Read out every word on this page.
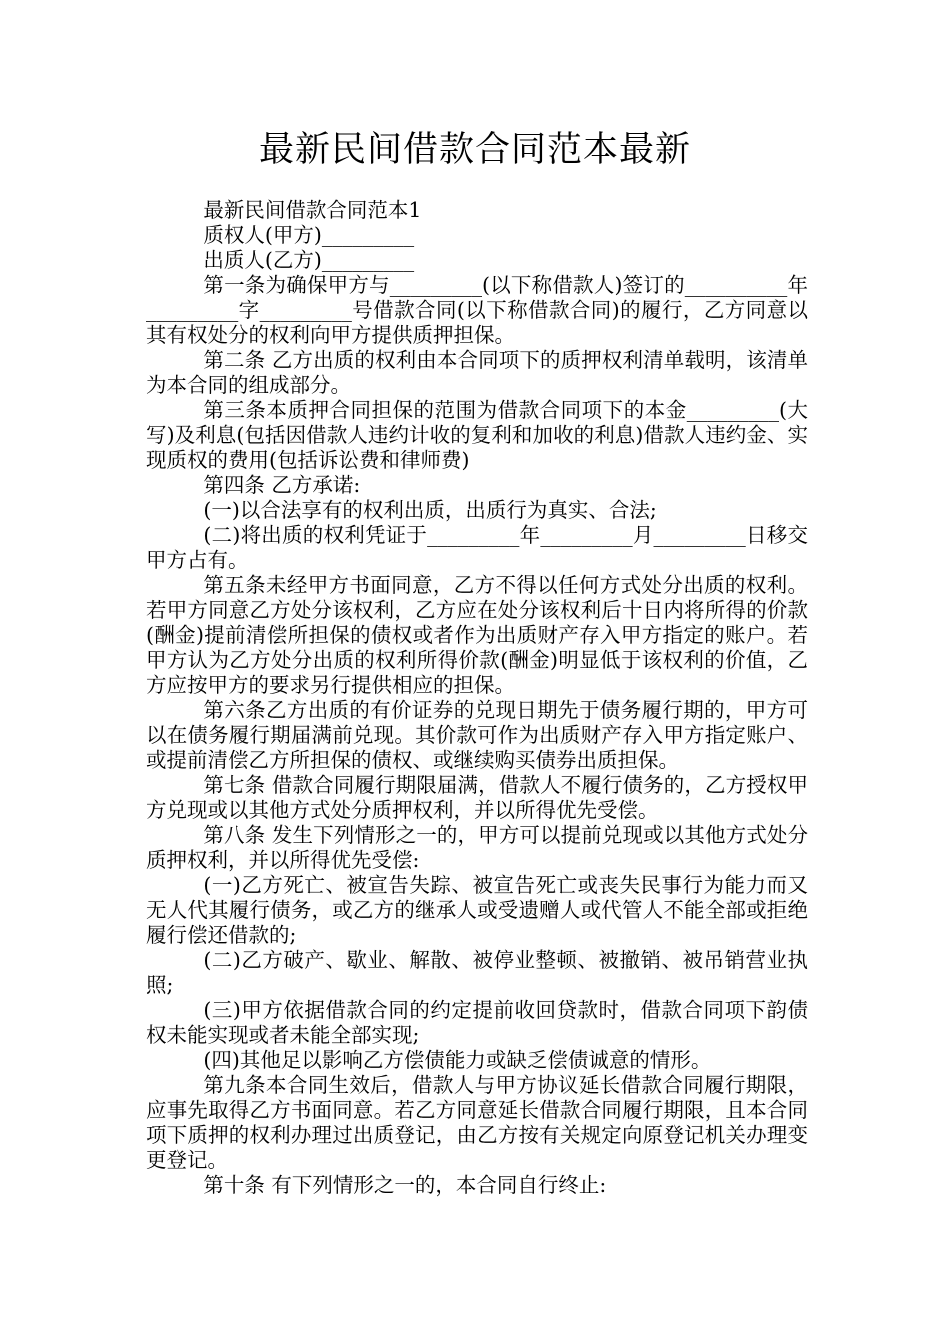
最新民间借款合同范本最新

最新民间借款合同范本1

质权人(甲方)_________

出质人(乙方)_________

第一条为确保甲方与_________(以下称借款人)签订的__________年_________字_________号借款合同(以下称借款合同)的履行，乙方同意以其有权处分的权利向甲方提供质押担保。

第二条 乙方出质的权利由本合同项下的质押权利清单载明，该清单为本合同的组成部分。

第三条本质押合同担保的范围为借款合同项下的本金_________(大写)及利息(包括因借款人违约计收的复利和加收的利息)借款人违约金、实现质权的费用(包括诉讼费和律师费)

第四条 乙方承诺:

(一)以合法享有的权利出质，出质行为真实、合法;

(二)将出质的权利凭证于_________年_________月_________日移交甲方占有。

第五条未经甲方书面同意，乙方不得以任何方式处分出质的权利。若甲方同意乙方处分该权利，乙方应在处分该权利后十日内将所得的价款(酬金)提前清偿所担保的债权或者作为出质财产存入甲方指定的账户。若甲方认为乙方处分出质的权利所得价款(酬金)明显低于该权利的价值，乙方应按甲方的要求另行提供相应的担保。

第六条乙方出质的有价证券的兑现日期先于债务履行期的，甲方可以在债务履行期届满前兑现。其价款可作为出质财产存入甲方指定账户、或提前清偿乙方所担保的债权、或继续购买债券出质担保。

第七条 借款合同履行期限届满，借款人不履行债务的，乙方授权甲方兑现或以其他方式处分质押权利，并以所得优先受偿。

第八条 发生下列情形之一的，甲方可以提前兑现或以其他方式处分质押权利，并以所得优先受偿:

(一)乙方死亡、被宣告失踪、被宣告死亡或丧失民事行为能力而又无人代其履行债务，或乙方的继承人或受遗赠人或代管人不能全部或拒绝履行偿还借款的;

(二)乙方破产、歇业、解散、被停业整顿、被撤销、被吊销营业执照;

(三)甲方依据借款合同的约定提前收回贷款时，借款合同项下韵债权未能实现或者未能全部实现;

(四)其他足以影响乙方偿债能力或缺乏偿债诚意的情形。

第九条本合同生效后，借款人与甲方协议延长借款合同履行期限，应事先取得乙方书面同意。若乙方同意延长借款合同履行期限，且本合同项下质押的权利办理过出质登记，由乙方按有关规定向原登记机关办理变更登记。

第十条 有下列情形之一的，本合同自行终止:
